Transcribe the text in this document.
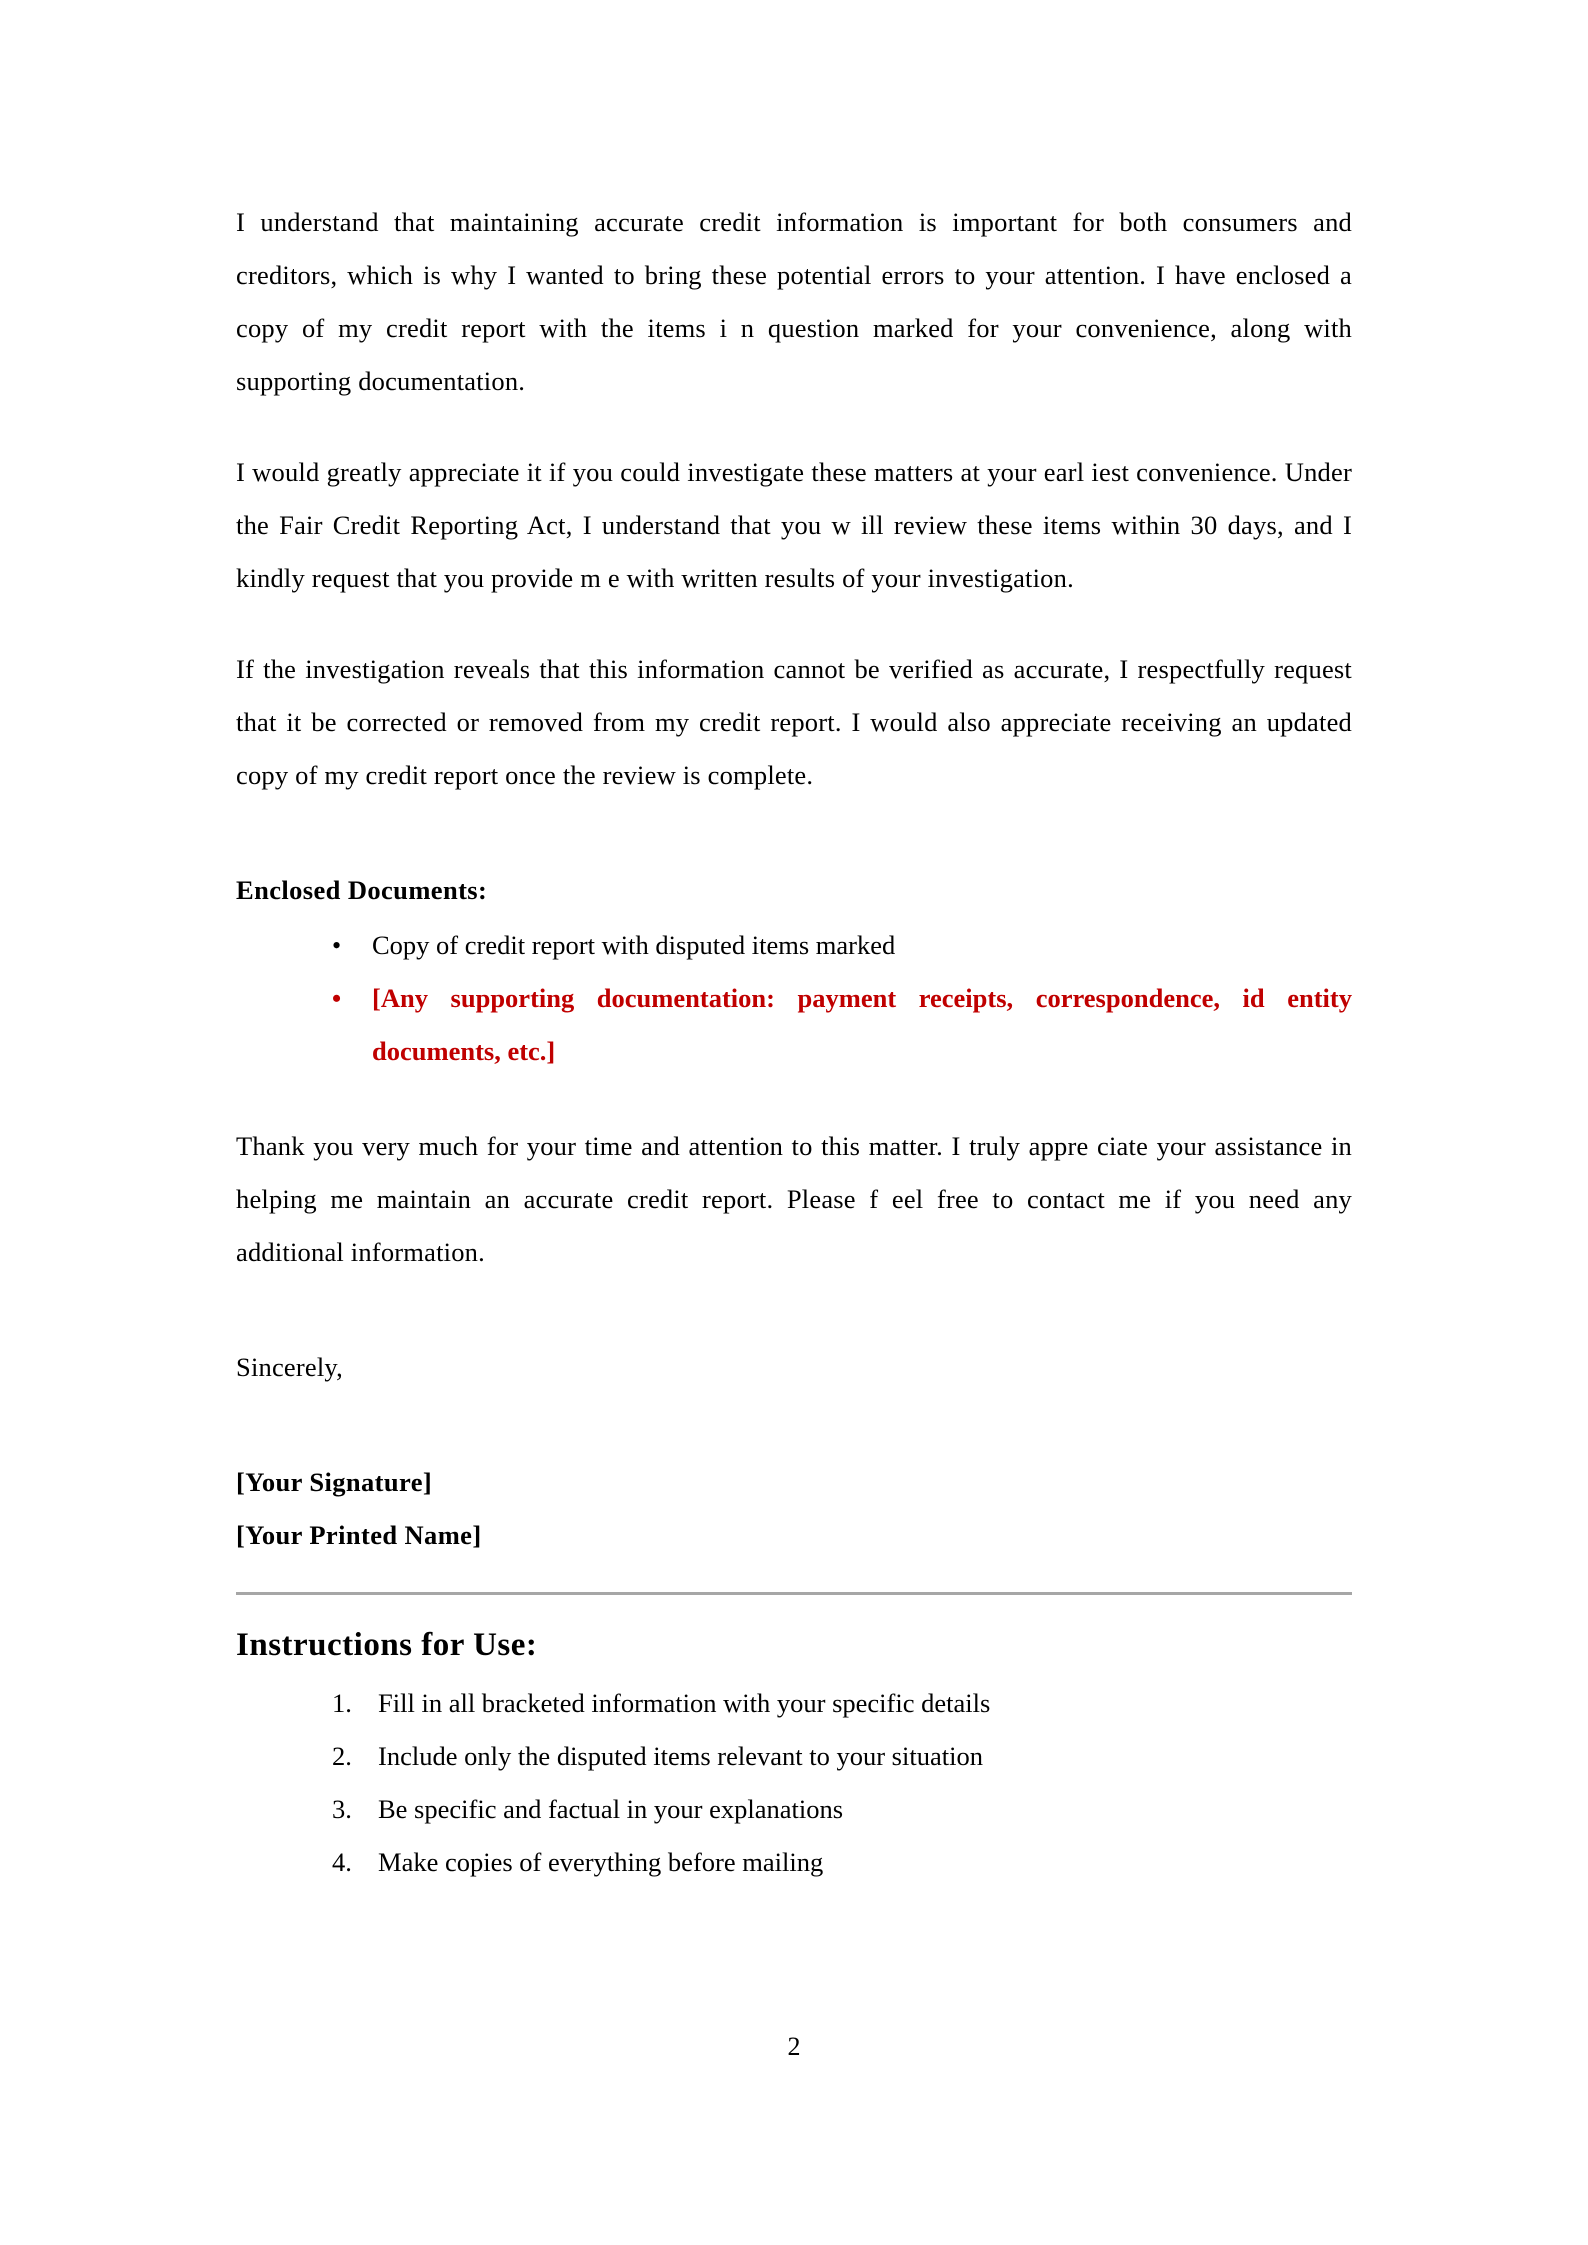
I understand that maintaining accurate credit information is important for both consumers and creditors, which is why I wanted to bring these potential errors to your attention. I have enclosed a copy of my credit report with the items i n question marked for your convenience, along with supporting documentation.

I would greatly appreciate it if you could investigate these matters at your earl iest convenience. Under the Fair Credit Reporting Act, I understand that you w ill review these items within 30 days, and I kindly request that you provide m e with written results of your investigation.

If the investigation reveals that this information cannot be verified as accurate, I respectfully request that it be corrected or removed from my credit report. I would also appreciate receiving an updated copy of my credit report once the review is complete.

Enclosed Documents:
• Copy of credit report with disputed items marked
• [Any supporting documentation: payment receipts, correspondence, id entity documents, etc.]

Thank you very much for your time and attention to this matter. I truly appre ciate your assistance in helping me maintain an accurate credit report. Please f eel free to contact me if you need any additional information.

Sincerely,

[Your Signature]
[Your Printed Name]
Instructions for Use:
Fill in all bracketed information with your specific details
Include only the disputed items relevant to your situation
Be specific and factual in your explanations
Make copies of everything before mailing
2
